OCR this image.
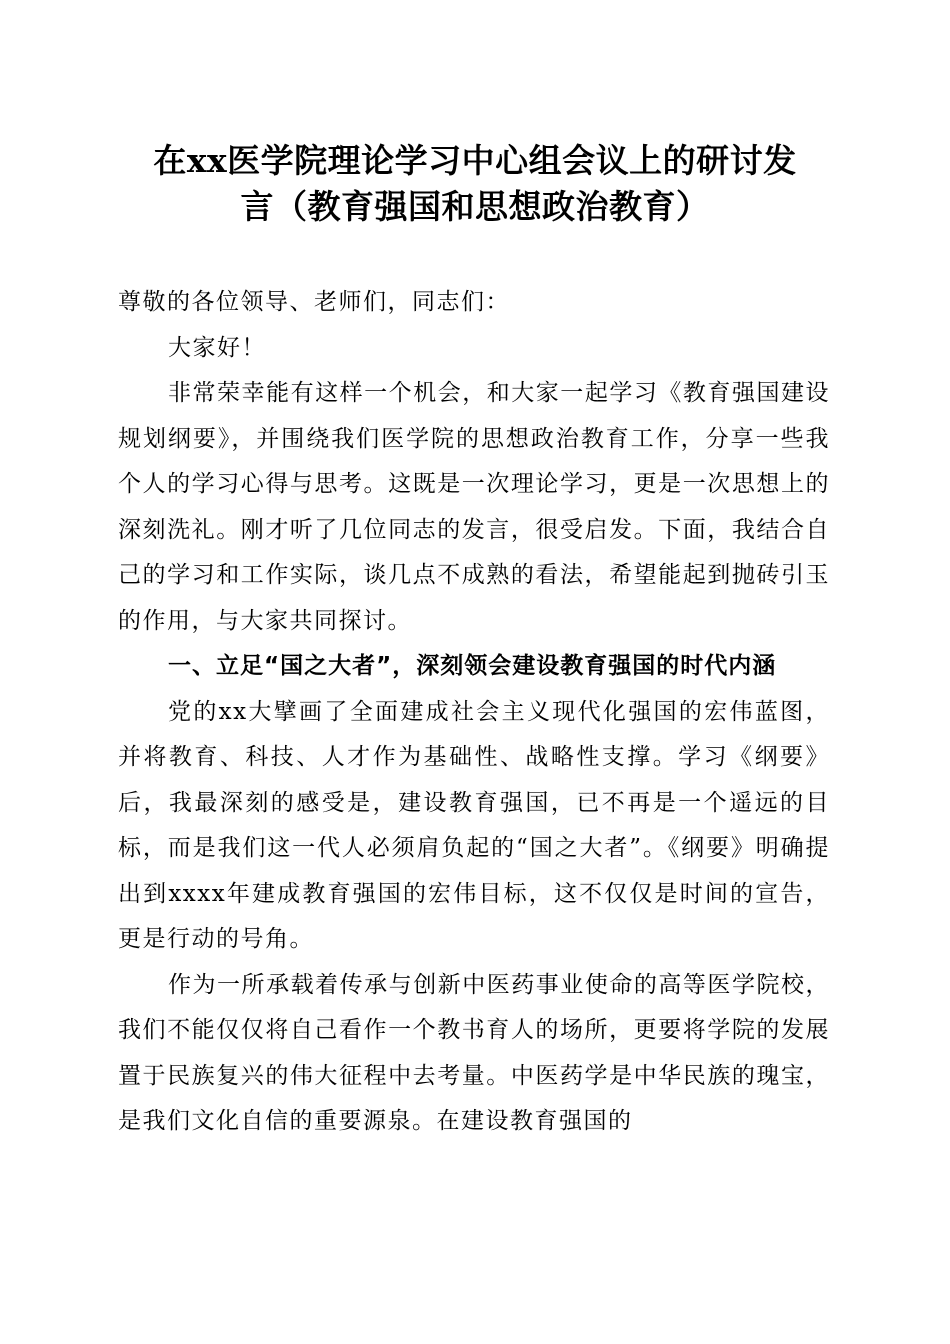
在xx医学院理论学习中心组会议上的研讨发
言（教育强国和思想政治教育）

尊敬的各位领导、老师们，同志们：

大家好！

非常荣幸能有这样一个机会，和大家一起学习《教育强国建设规划纲要》，并围绕我们医学院的思想政治教育工作，分享一些我个人的学习心得与思考。这既是一次理论学习，更是一次思想上的深刻洗礼。刚才听了几位同志的发言，很受启发。下面，我结合自己的学习和工作实际，谈几点不成熟的看法，希望能起到抛砖引玉的作用，与大家共同探讨。

一、立足“国之大者”，深刻领会建设教育强国的时代内涵

党的xx大擘画了全面建成社会主义现代化强国的宏伟蓝图，并将教育、科技、人才作为基础性、战略性支撑。学习《纲要》后，我最深刻的感受是，建设教育强国，已不再是一个遥远的目标，而是我们这一代人必须肩负起的“国之大者”。《纲要》明确提出到xxxx年建成教育强国的宏伟目标，这不仅仅是时间的宣告，更是行动的号角。

作为一所承载着传承与创新中医药事业使命的高等医学院校，我们不能仅仅将自己看作一个教书育人的场所，更要将学院的发展置于民族复兴的伟大征程中去考量。中医药学是中华民族的瑰宝，是我们文化自信的重要源泉。在建设教育强国的
